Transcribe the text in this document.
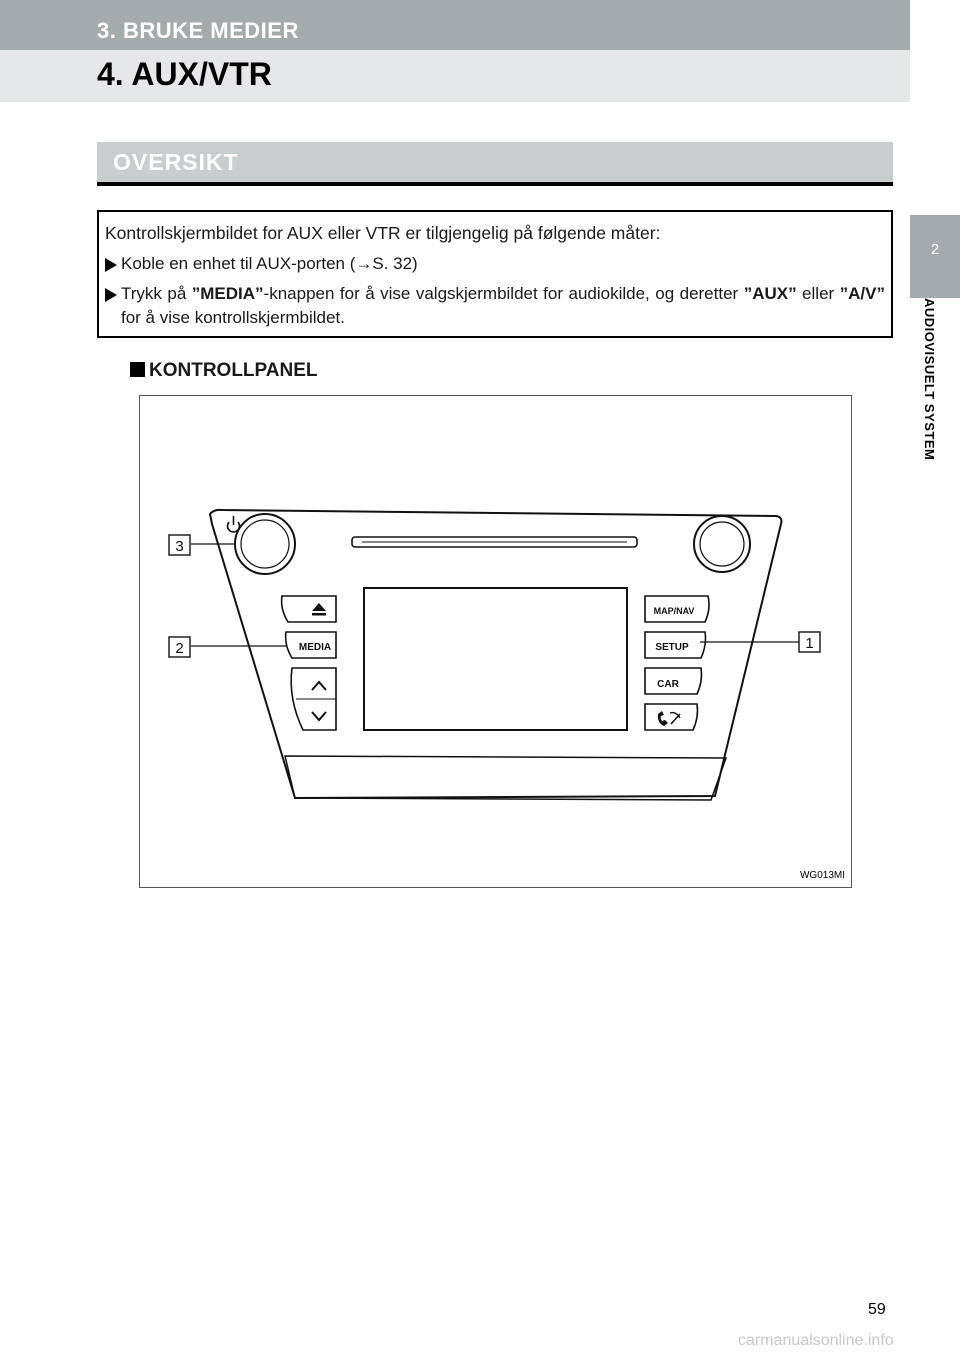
3. BRUKE MEDIER
4. AUX/VTR
2
AUDIOVISUELT SYSTEM
OVERSIKT
Kontrollskjermbildet for AUX eller VTR er tilgjengelig på følgende måter:
Koble en enhet til AUX-porten (→S. 32)
Trykk på ”MEDIA”-knappen for å vise valgskjermbildet for audiokilde, og deretter ”AUX” eller ”A/V” for å vise kontrollskjermbildet.
KONTROLLPANEL
MEDIA
MAP/NAV
SETUP
CAR
3
2	1
WG013MI
59
carmanualsonline.info
